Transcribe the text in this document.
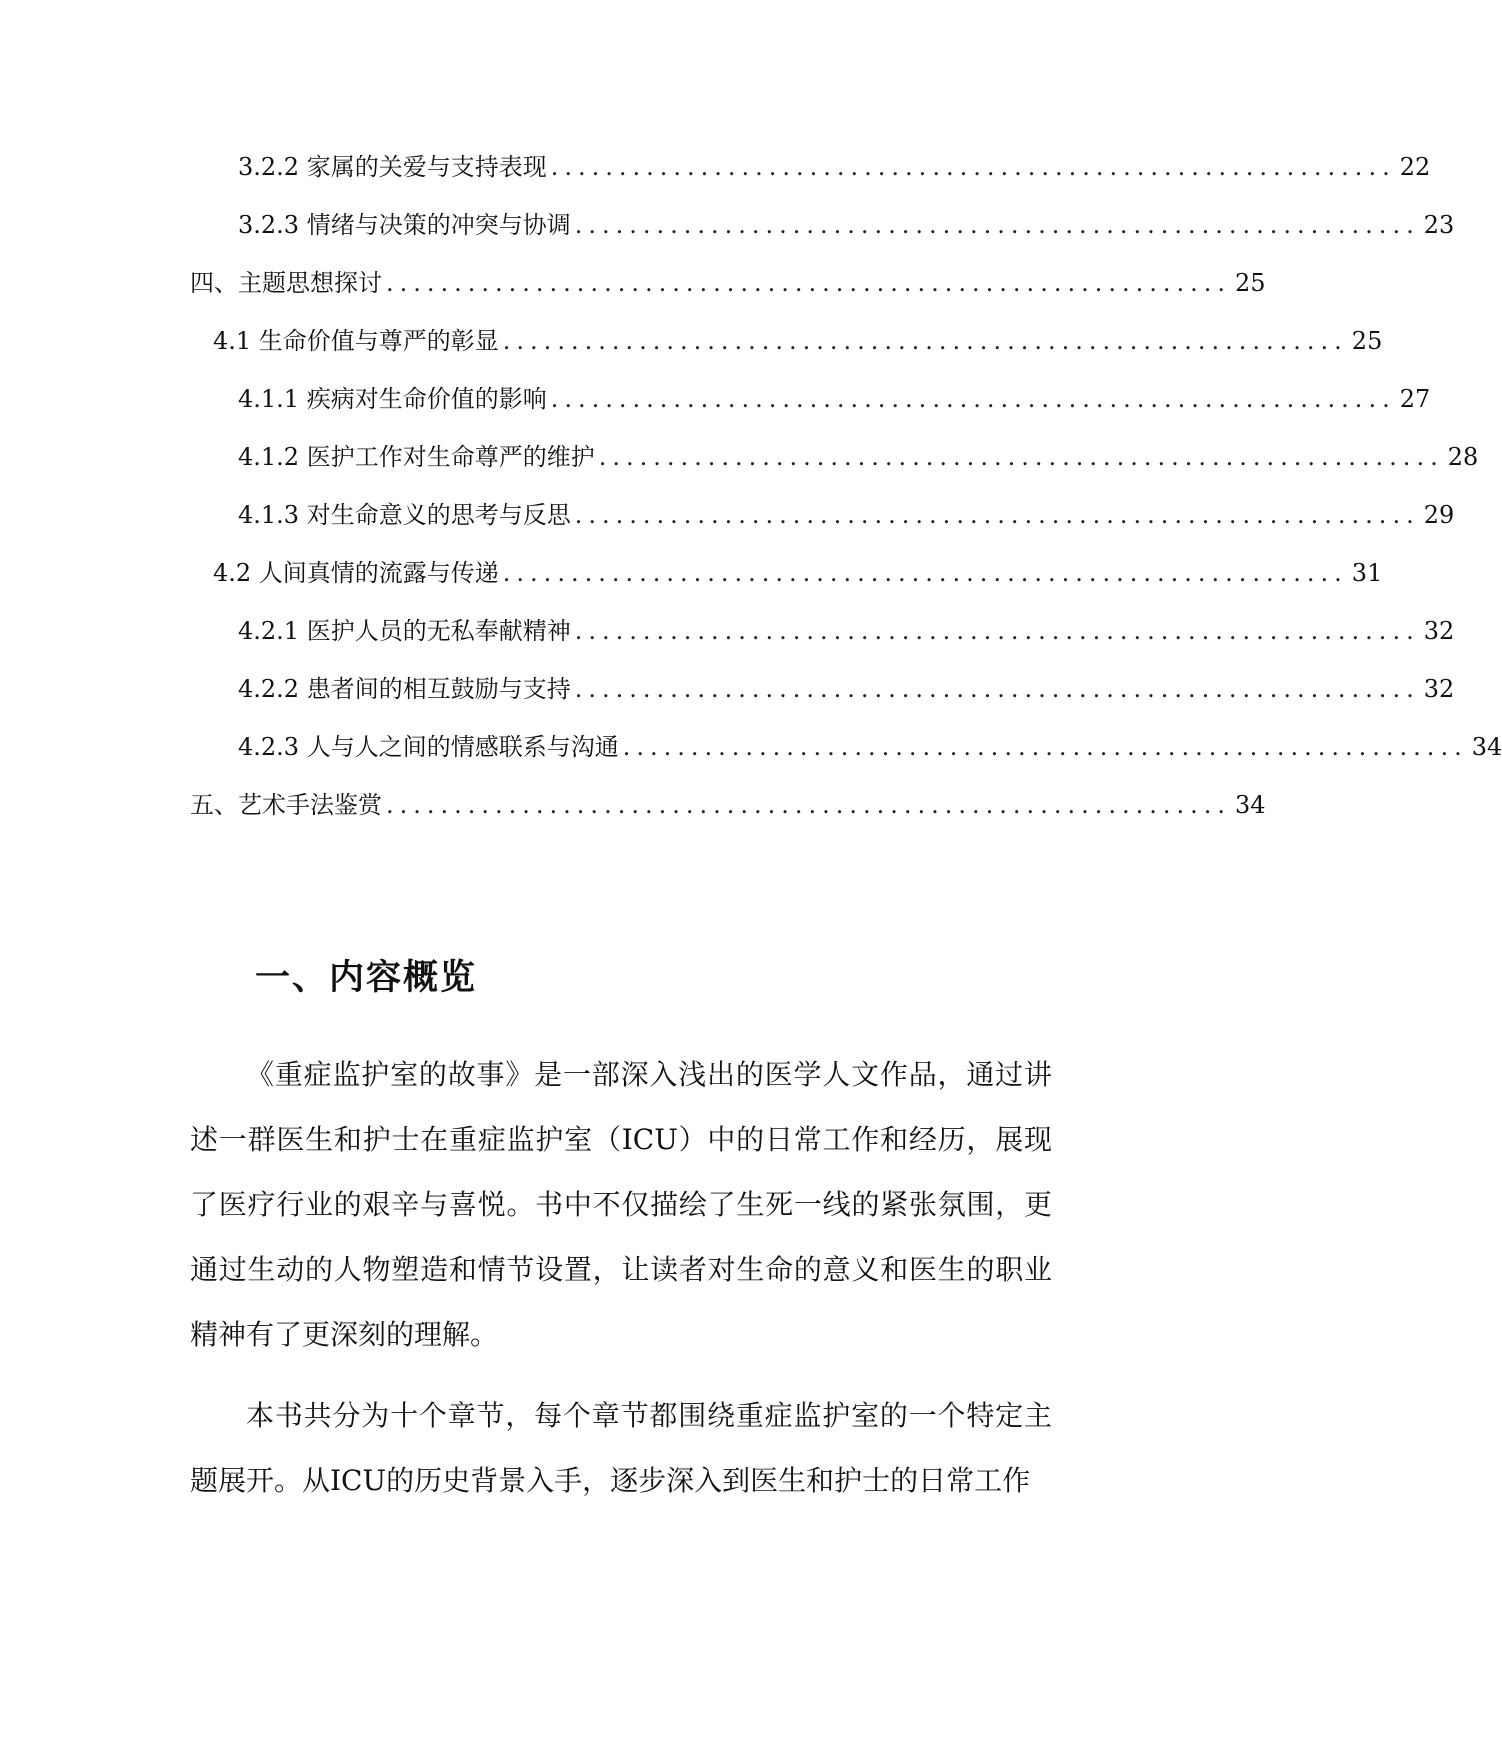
3.2.2 家属的关爱与支持表现 .............................................................. 22
3.2.3 情绪与决策的冲突与协调 .............................................................. 23
四、主题思想探讨 .............................................................. 25
4.1 生命价值与尊严的彰显 .............................................................. 25
4.1.1 疾病对生命价值的影响 .............................................................. 27
4.1.2 医护工作对生命尊严的维护 .............................................................. 28
4.1.3 对生命意义的思考与反思 .............................................................. 29
4.2 人间真情的流露与传递 .............................................................. 31
4.2.1 医护人员的无私奉献精神 .............................................................. 32
4.2.2 患者间的相互鼓励与支持 .............................................................. 32
4.2.3 人与人之间的情感联系与沟通 .............................................................. 34
五、艺术手法鉴赏 .............................................................. 34
一、内容概览

《重症监护室的故事》是一部深入浅出的医学人文作品，通过讲述一群医生和护士在重症监护室（ICU）中的日常工作和经历，展现了医疗行业的艰辛与喜悦。书中不仅描绘了生死一线的紧张氛围，更通过生动的人物塑造和情节设置，让读者对生命的意义和医生的职业精神有了更深刻的理解。

本书共分为十个章节，每个章节都围绕重症监护室的一个特定主题展开。从ICU的历史背景入手，逐步深入到医生和护士的日常工作
